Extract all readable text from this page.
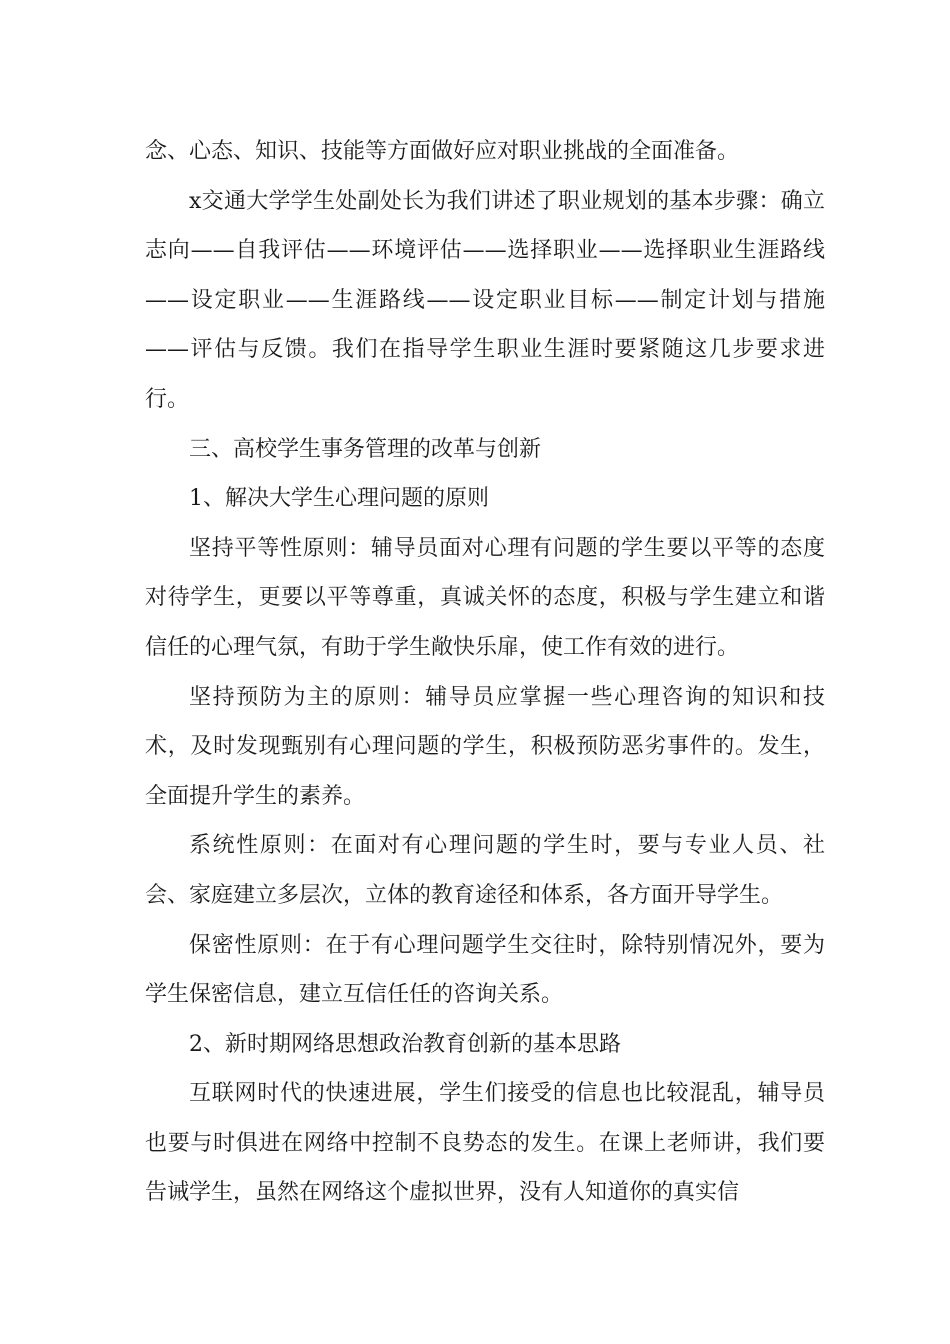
念、心态、知识、技能等方面做好应对职业挑战的全面准备。

x交通大学学生处副处长为我们讲述了职业规划的基本步骤：确立志向——自我评估——环境评估——选择职业——选择职业生涯路线——设定职业——生涯路线——设定职业目标——制定计划与措施——评估与反馈。我们在指导学生职业生涯时要紧随这几步要求进行。

三、高校学生事务管理的改革与创新

1、解决大学生心理问题的原则

坚持平等性原则：辅导员面对心理有问题的学生要以平等的态度对待学生，更要以平等尊重，真诚关怀的态度，积极与学生建立和谐信任的心理气氛，有助于学生敞快乐扉，使工作有效的进行。

坚持预防为主的原则：辅导员应掌握一些心理咨询的知识和技术，及时发现甄别有心理问题的学生，积极预防恶劣事件的。发生，全面提升学生的素养。

系统性原则：在面对有心理问题的学生时，要与专业人员、社会、家庭建立多层次，立体的教育途径和体系，各方面开导学生。

保密性原则：在于有心理问题学生交往时，除特别情况外，要为学生保密信息，建立互信任任的咨询关系。

2、新时期网络思想政治教育创新的基本思路

互联网时代的快速进展，学生们接受的信息也比较混乱，辅导员也要与时俱进在网络中控制不良势态的发生。在课上老师讲，我们要告诫学生，虽然在网络这个虚拟世界，没有人知道你的真实信
